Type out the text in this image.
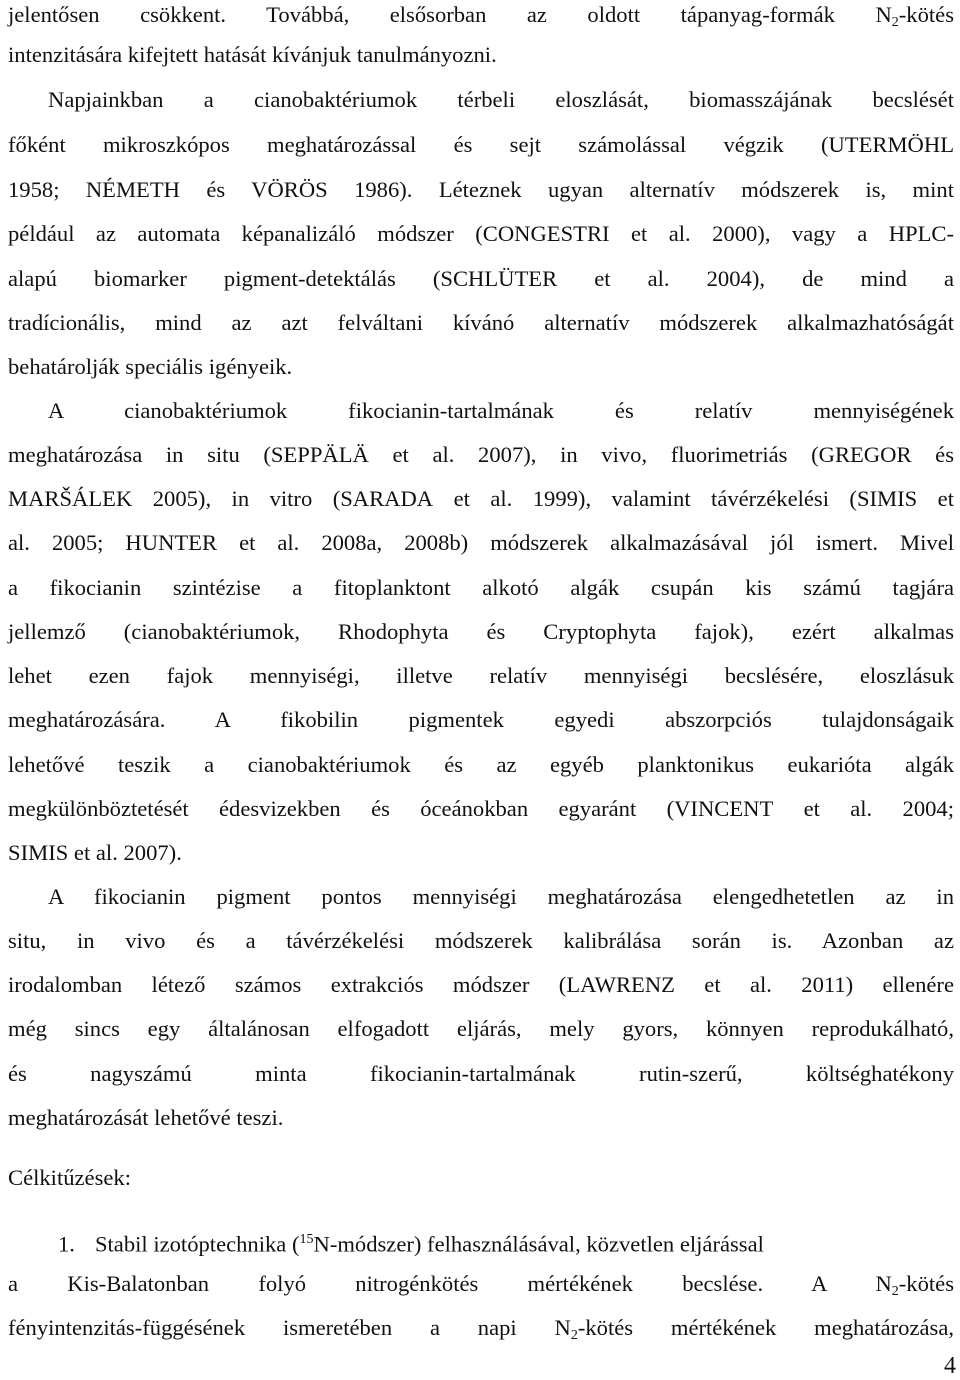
jelentősen csökkent. Továbbá, elsősorban az oldott tápanyag-formák $N_2$-kötés
intenzitására kifejtett hatását kívánjuk tanulmányozni.
Napjainkban a cianobaktériumok térbeli eloszlását, biomasszájának becslését
főként mikroszkópos meghatározással és sejt számolással végzik (UTERMÖHL
1958; NÉMETH és VÖRÖS 1986). Léteznek ugyan alternatív módszerek is, mint
például az automata képanalizáló módszer (CONGESTRI et al. 2000), vagy a HPLC-
alapú biomarker pigment-detektálás (SCHLÜTER et al. 2004), de mind a
tradícionális, mind az azt felváltani kívánó alternatív módszerek alkalmazhatóságát
behatárolják speciális igényeik.
A cianobaktériumok fikocianin-tartalmának és relatív mennyiségének
meghatározása in situ (SEPPÄLÄ et al. 2007), in vivo, fluorimetriás (GREGOR és
MARŠÁLEK 2005), in vitro (SARADA et al. 1999), valamint távérzékelési (SIMIS et
al. 2005; HUNTER et al. 2008a, 2008b) módszerek alkalmazásával jól ismert. Mivel
a fikocianin szintézise a fitoplanktont alkotó algák csupán kis számú tagjára
jellemző (cianobaktériumok, Rhodophyta és Cryptophyta fajok), ezért alkalmas
lehet ezen fajok mennyiségi, illetve relatív mennyiségi becslésére, eloszlásuk
meghatározására. A fikobilin pigmentek egyedi abszorpciós tulajdonságaik
lehetővé teszik a cianobaktériumok és az egyéb planktonikus eukarióta algák
megkülönböztetését édesvizekben és óceánokban egyaránt (VINCENT et al. 2004;
SIMIS et al. 2007).
A fikocianin pigment pontos mennyiségi meghatározása elengedhetetlen az in
situ, in vivo és a távérzékelési módszerek kalibrálása során is. Azonban az
irodalomban létező számos extrakciós módszer (LAWRENZ et al. 2011) ellenére
még sincs egy általánosan elfogadott eljárás, mely gyors, könnyen reprodukálható,
és nagyszámú minta fikocianin-tartalmának rutin-szerű, költséghatékony
meghatározását lehetővé teszi.
Célkitűzések:
1. Stabil izotóptechnika ($^{15}$N-módszer) felhasználásával, közvetlen eljárással
a Kis-Balatonban folyó nitrogénkötés mértékének becslése. A $N_2$-kötés
fényintenzitás-függésének ismeretében a napi $N_2$-kötés mértékének meghatározása,
4
